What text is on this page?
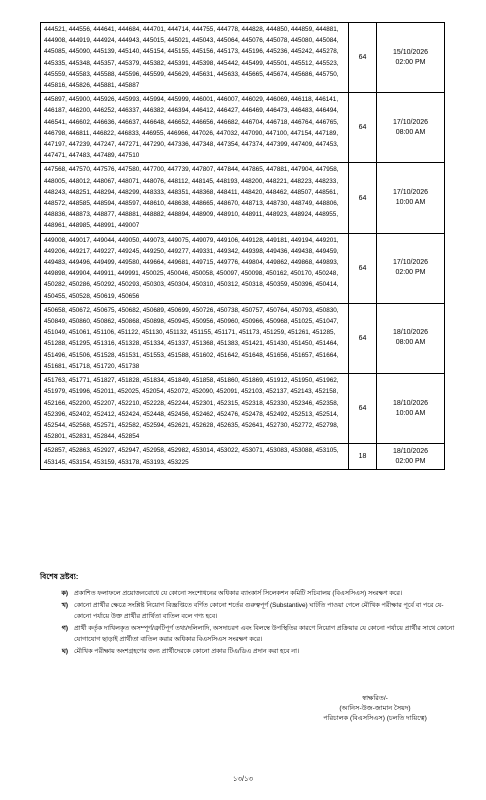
444521, 444556, 444641, 444684, 444701, 444714, 444755, 444778, 444828, 444850, 444859, 444881, 444908, 444919, 444924, 444943, 445015, 445021, 445043, 445064, 445076, 445078, 445080, 445084, 445085, 445090, 445139, 445140, 445154, 445155, 445156, 445173, 445196, 445236, 445242, 445278, 445335, 445348, 445357, 445379, 445382, 445391, 445398, 445442, 445499, 445501, 445512, 445523, 445559, 445583, 445588, 445596, 445599, 445629, 445631, 445633, 445665, 445674, 445686, 445750, 445816, 445826, 445881, 445887	64	15/10/2026
02:00 PM

445897, 445900, 445926, 445993, 445994, 445999, 446001, 446007, 446029, 446069, 446118, 446141, 446187, 446200, 446252, 446337, 446382, 446394, 446412, 446427, 446469, 446473, 446483, 446494, 446541, 446602, 446636, 446637, 446648, 446652, 446656, 446682, 446704, 446718, 446764, 446765, 446798, 446811, 446822, 446833, 446955, 446966, 447026, 447032, 447090, 447100, 447154, 447189, 447197, 447239, 447247, 447271, 447290, 447336, 447348, 447354, 447374, 447399, 447409, 447453, 447471, 447483, 447489, 447510	64	17/10/2026
08:00 AM

447568, 447570, 447576, 447580, 447700, 447739, 447807, 447844, 447865, 447881, 447904, 447958, 448005, 448012, 448067, 448071, 448076, 448112, 448145, 448193, 448200, 448221, 448223, 448233, 448243, 448251, 448294, 448299, 448333, 448351, 448368, 448411, 448420, 448462, 448507, 448561, 448572, 448585, 448594, 448597, 448610, 448638, 448665, 448670, 448713, 448730, 448749, 448806, 448836, 448873, 448877, 448881, 448882, 448894, 448909, 448910, 448911, 448923, 448924, 448955, 448961, 448985, 448991, 449007	64	17/10/2026
10:00 AM

449008, 449017, 449044, 449050, 449073, 449075, 449079, 449106, 449128, 449181, 449194, 449201, 449206, 449217, 449227, 449245, 449250, 449277, 449331, 449342, 449398, 449436, 449438, 449459, 449483, 449496, 449499, 449580, 449664, 449681, 449715, 449776, 449804, 449862, 449868, 449893, 449898, 449904, 449911, 449991, 450025, 450046, 450058, 450097, 450098, 450162, 450170, 450248, 450282, 450286, 450292, 450293, 450303, 450304, 450310, 450312, 450318, 450359, 450396, 450414, 450455, 450528, 450619, 450656	64	17/10/2026
02:00 PM

450658, 450672, 450675, 450682, 450689, 450699, 450726, 450738, 450757, 450764, 450793, 450830, 450849, 450860, 450862, 450868, 450898, 450945, 450956, 450960, 450966, 450968, 451025, 451047, 451049, 451061, 451106, 451122, 451130, 451132, 451155, 451171, 451173, 451259, 451261, 451285, 451288, 451295, 451316, 451328, 451334, 451337, 451368, 451383, 451421, 451430, 451450, 451464, 451496, 451506, 451528, 451531, 451553, 451588, 451602, 451642, 451648, 451656, 451657, 451664, 451681, 451718, 451720, 451738	64	18/10/2026
08:00 AM

451763, 451771, 451827, 451828, 451834, 451849, 451858, 451860, 451869, 451912, 451950, 451962, 451979, 451996, 452011, 452025, 452054, 452072, 452090, 452091, 452103, 452137, 452143, 452158, 452166, 452200, 452207, 452210, 452228, 452244, 452301, 452315, 452318, 452330, 452346, 452358, 452396, 452402, 452412, 452424, 452448, 452456, 452462, 452476, 452478, 452492, 452513, 452514, 452544, 452568, 452571, 452582, 452594, 452621, 452628, 452635, 452641, 452730, 452772, 452798, 452801, 452831, 452844, 452854	64	18/10/2026
10:00 AM

452857, 452863, 452927, 452947, 452958, 452982, 453014, 453022, 453071, 453083, 453088, 453105, 453145, 453154, 453159, 453178, 453193, 453225	18	18/10/2026
02:00 PM
বিশেষ দ্রষ্টব্য:
ক) প্রকাশিত ফলাফলে প্রয়োজনবোধে যে কোনো সংশোধনের অধিকার ব্যাংকার্স সিলেকশন কমিটি সচিবালয় (বিএসসিএস) সংরক্ষণ করে।
খ) কোনো প্রার্থীর ক্ষেত্রে সংশ্লিষ্ট নিয়োগ বিজ্ঞপ্তিতে বর্ণিত কোনো শর্তের গুরুত্বপূর্ণ (Substantive) ঘাটতি পাওয়া গেলে মৌখিক পরীক্ষার পূর্বে বা পরে যে-কোনো পর্যায়ে উক্ত প্রার্থীর প্রার্থিতা বাতিল বলে গণ্য হবে।
গ) প্রার্থী কর্তৃক দাখিলকৃত অসম্পূর্ণ/ত্রুটিপূর্ণ তথ্য/দলিলাদি, অসদাচরণ এবং বিলম্বে উপস্থিতির কারণে নিয়োগ প্রক্রিয়ার যে কোনো পর্যায়ে প্রার্থীর সাথে কোনো যোগাযোগ ছাড়াই প্রার্থীতা বাতিল করার অধিকার বিএসসিএস সংরক্ষণ করে।
ঘ) মৌখিক পরীক্ষায় অংশগ্রহণের জন্য প্রার্থীদেরকে কোনো প্রকার টিএ/ডিএ প্রদান করা হবে না।
স্বাক্ষরিত/-
(আনিস-উজ-জামান সৈয়দ)
পরিচালক (বিএসসিএস) (চলতি দায়িত্বে)
১৩/১৩
